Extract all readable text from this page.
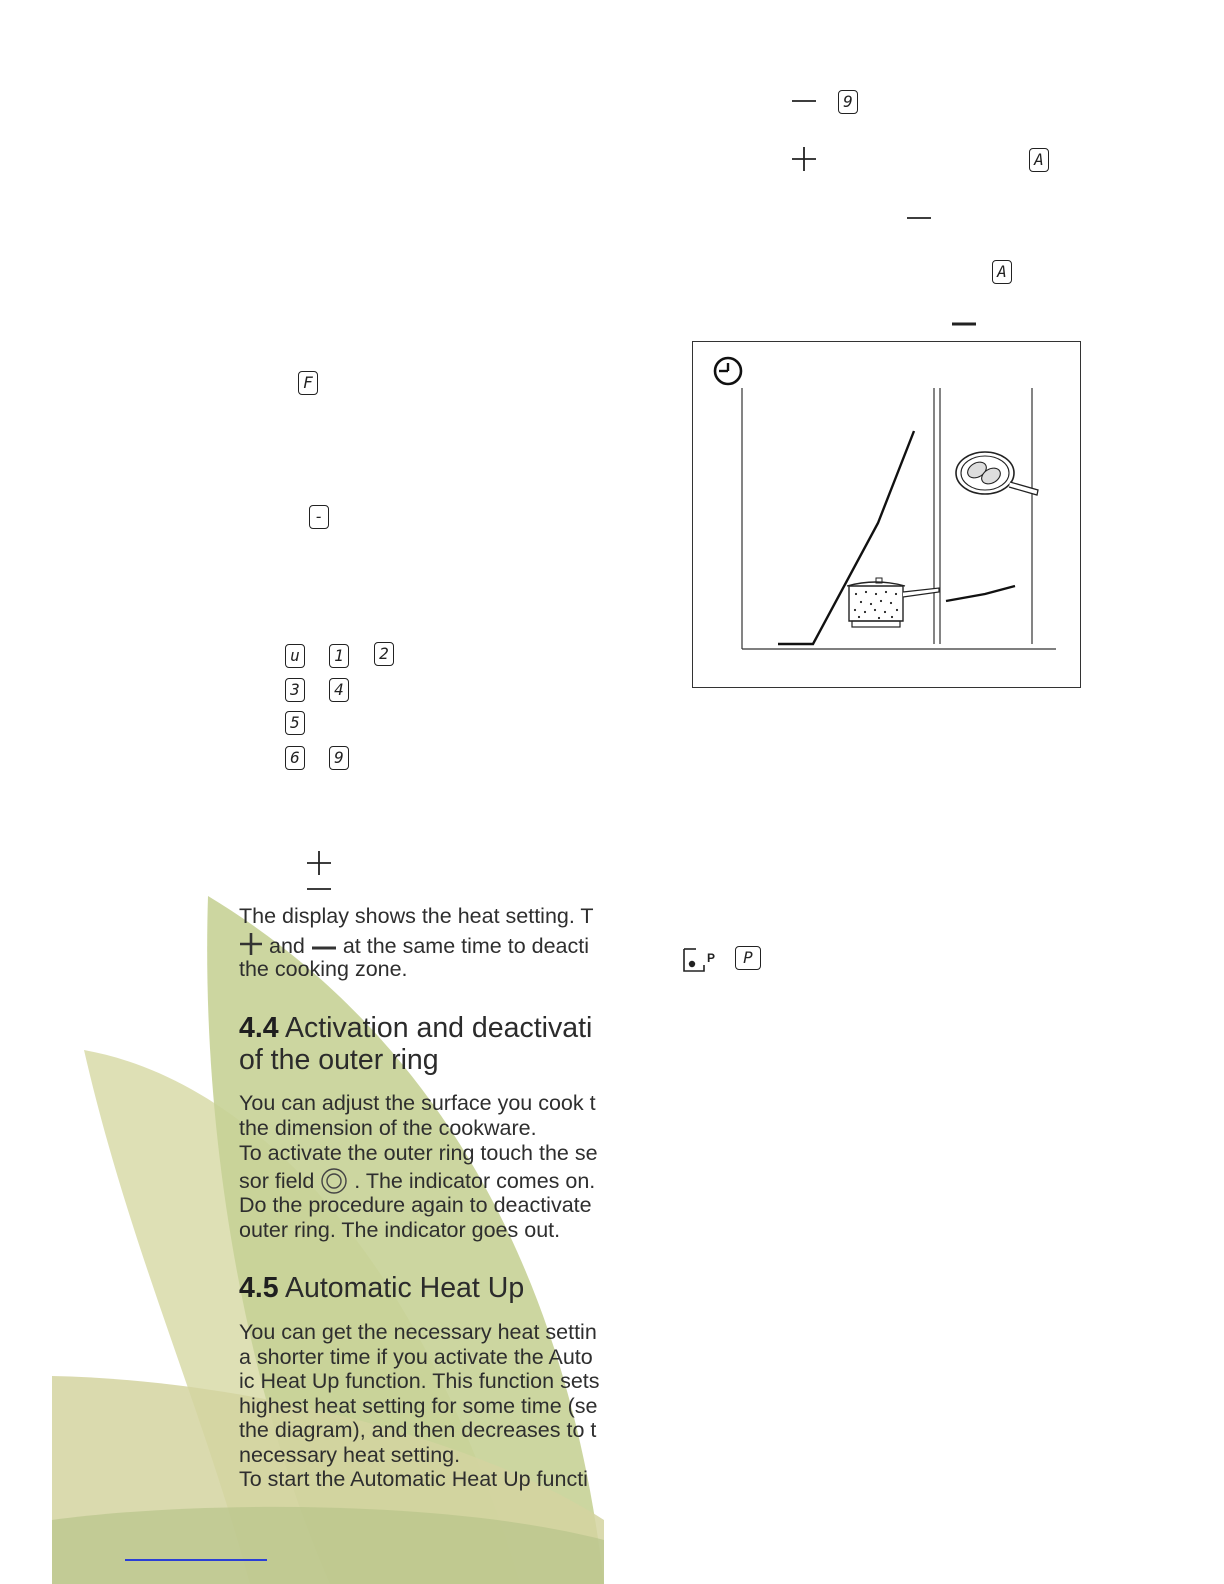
F
-
u	1	2
3	4
5
6	9
The display shows the heat setting. T
and at the same time to deacti
the cooking zone.
4.4 Activation and deactivati
of the outer ring
You can adjust the surface you cook t
the dimension of the cookware.
To activate the outer ring touch the se
sor field . The indicator comes on.
Do the procedure again to deactivate
outer ring. The indicator goes out.
4.5 Automatic Heat Up
You can get the necessary heat settin
a shorter time if you activate the Auto
ic Heat Up function. This function sets
highest heat setting for some time (se
the diagram), and then decreases to t
necessary heat setting.
To start the Automatic Heat Up functi
9
A
A
P	P
